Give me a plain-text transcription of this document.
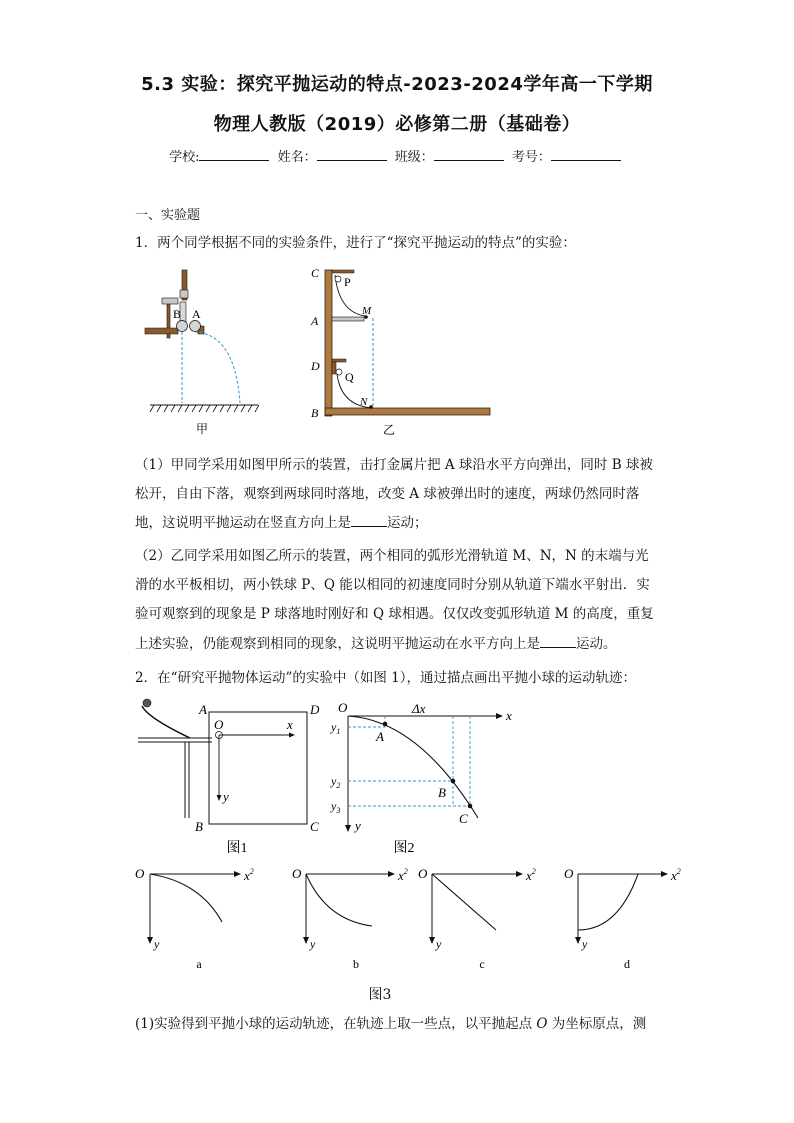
5.3 实验：探究平抛运动的特点-2023-2024学年高一下学期
物理人教版（2019）必修第二册（基础卷）
学校:	姓名：	班级：	考号：
一、实验题
1．两个同学根据不同的实验条件，进行了“探究平抛运动的特点”的实验：
B A
甲
C
P
M
A
D
Q
N
B
乙
（1）甲同学采用如图甲所示的装置，击打金属片把 A 球沿水平方向弹出，同时 B 球被
松开，自由下落，观察到两球同时落地，改变 A 球被弹出时的速度，两球仍然同时落
地，这说明平抛运动在竖直方向上是	运动；
（2）乙同学采用如图乙所示的装置，两个相同的弧形光滑轨道 M、N，N 的末端与光
滑的水平板相切，两小铁球 P、Q 能以相同的初速度同时分别从轨道下端水平射出．实
验可观察到的现象是 P 球落地时刚好和 Q 球相遇。仅仅改变弧形轨道 M 的高度，重复
上述实验，仍能观察到相同的现象，这说明平抛运动在水平方向上是	运动。
2．在“研究平抛物体运动”的实验中（如图 1），通过描点画出平抛小球的运动轨迹：
A	D
O	x
y
B	C
图1
O	Δx	x
$y_1$
$y_2$
$y_3$
A
B
C
y
图2
O	$x^2$
y
a
O	$x^2$
y
b
O	$x^2$
y
c
O	$x^2$
y
d
图3
(1)实验得到平抛小球的运动轨迹，在轨迹上取一些点，以平抛起点 O 为坐标原点，测
